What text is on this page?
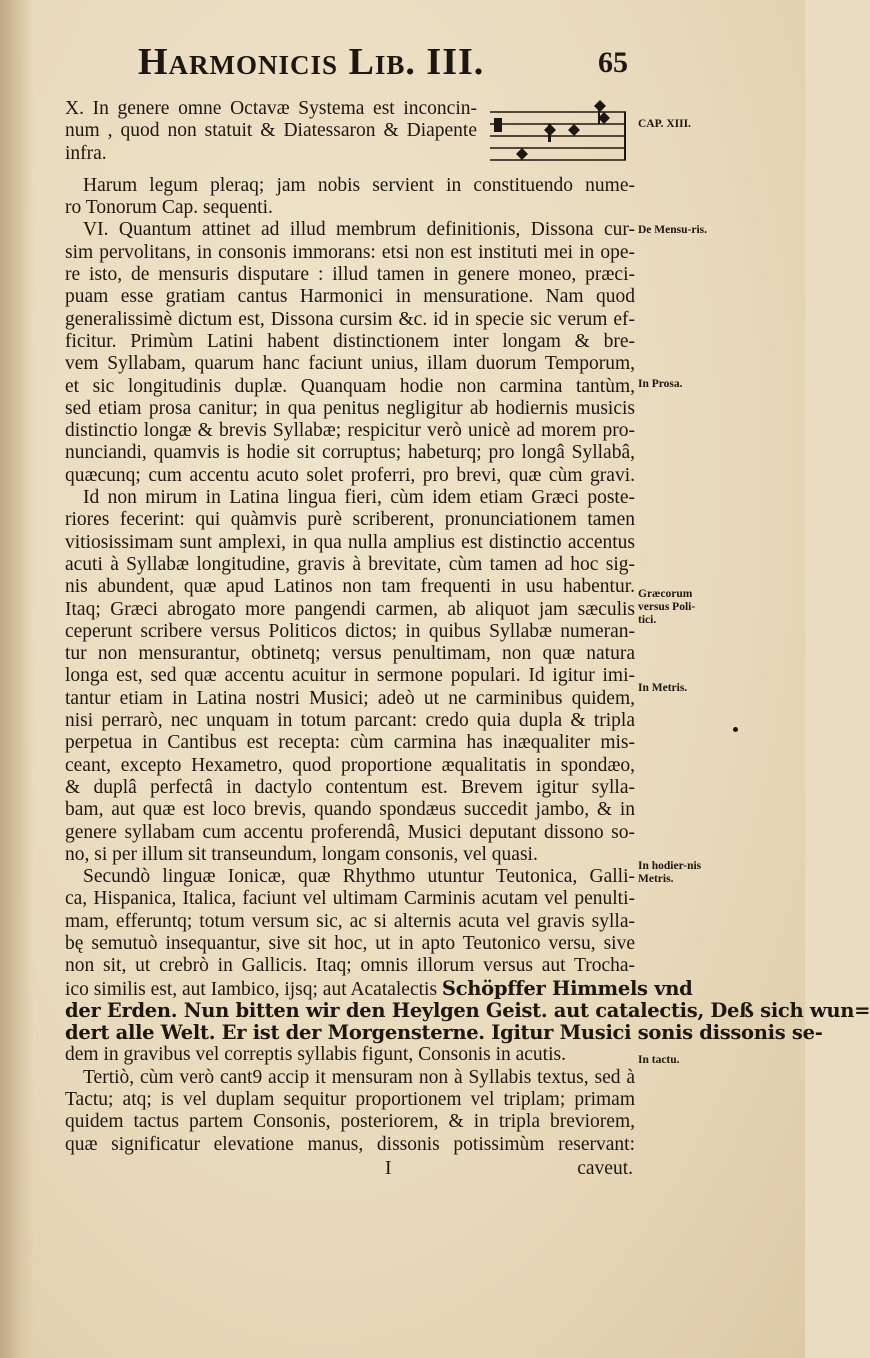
Harmonicis Lib. III.	65
CAP. XIII.
De Mensu-ris.
In Prosa.
Græcorum versus Poli-tici.
In Metris.
In hodier-nis Metris.
In tactu.
X. In genere omne Octavæ Systema est inconcin-
num , quod non statuit & Diatessaron & Diapente
infra.
Harum legum pleraq; jam nobis servient in constituendo nume-
ro Tonorum Cap. sequenti.
VI. Quantum attinet ad illud membrum definitionis, Dissona cur-
sim pervolitans, in consonis immorans: etsi non est instituti mei in ope-
re isto, de mensuris disputare : illud tamen in genere moneo, præci-
puam esse gratiam cantus Harmonici in mensuratione. Nam quod
generalissimè dictum est, Dissona cursim &c. id in specie sic verum ef-
ficitur. Primùm Latini habent distinctionem inter longam & bre-
vem Syllabam, quarum hanc faciunt unius, illam duorum Temporum,
et sic longitudinis duplæ. Quanquam hodie non carmina tantùm,
sed etiam prosa canitur; in qua penitus negligitur ab hodiernis musicis
distinctio longæ & brevis Syllabæ; respicitur verò unicè ad morem pro-
nunciandi, quamvis is hodie sit corruptus; habeturq; pro longâ Syllabâ,
quæcunq; cum accentu acuto solet proferri, pro brevi, quæ cùm gravi.
Id non mirum in Latina lingua fieri, cùm idem etiam Græci poste-
riores fecerint: qui quàmvis purè scriberent, pronunciationem tamen
vitiosissimam sunt amplexi, in qua nulla amplius est distinctio accentus
acuti à Syllabæ longitudine, gravis à brevitate, cùm tamen ad hoc sig-
nis abundent, quæ apud Latinos non tam frequenti in usu habentur.
Itaq; Græci abrogato more pangendi carmen, ab aliquot jam sæculis
ceperunt scribere versus Politicos dictos; in quibus Syllabæ numeran-
tur non mensurantur, obtinetq; versus penultimam, non quæ natura
longa est, sed quæ accentu acuitur in sermone populari. Id igitur imi-
tantur etiam in Latina nostri Musici; adeò ut ne carminibus quidem,
nisi perrarò, nec unquam in totum parcant: credo quia dupla & tripla
perpetua in Cantibus est recepta: cùm carmina has inæqualiter mis-
ceant, excepto Hexametro, quod proportione æqualitatis in spondæo,
& duplâ perfectâ in dactylo contentum est. Brevem igitur sylla-
bam, aut quæ est loco brevis, quando spondæus succedit jambo, & in
genere syllabam cum accentu proferendâ, Musici deputant dissono so-
no, si per illum sit transeundum, longam consonis, vel quasi.
Secundò linguæ Ionicæ, quæ Rhythmo utuntur Teutonica, Galli-
ca, Hispanica, Italica, faciunt vel ultimam Carminis acutam vel penulti-
mam, efferuntq; totum versum sic, ac si alternis acuta vel gravis sylla-
bę semutuò insequantur, sive sit hoc, ut in apto Teutonico versu, sive
non sit, ut crebrò in Gallicis. Itaq; omnis illorum versus aut Trocha-
ico similis est, aut Iambico, ijsq; aut Acatalectis Schöpffer Himmels vnd
der Erden. Nun bitten wir den Heylgen Geist. aut catalectis, Deß sich wun=
dert alle Welt. Er ist der Morgensterne. Igitur Musici sonis dissonis se-
dem in gravibus vel correptis syllabis figunt, Consonis in acutis.
Tertiò, cùm verò cant9 accip it mensuram non à Syllabis textus, sed à
Tactu; atq; is vel duplam sequitur proportionem vel triplam; primam
quidem tactus partem Consonis, posteriorem, & in tripla breviorem,
quæ significatur elevatione manus, dissonis potissimùm reservant:
I	caveut.
